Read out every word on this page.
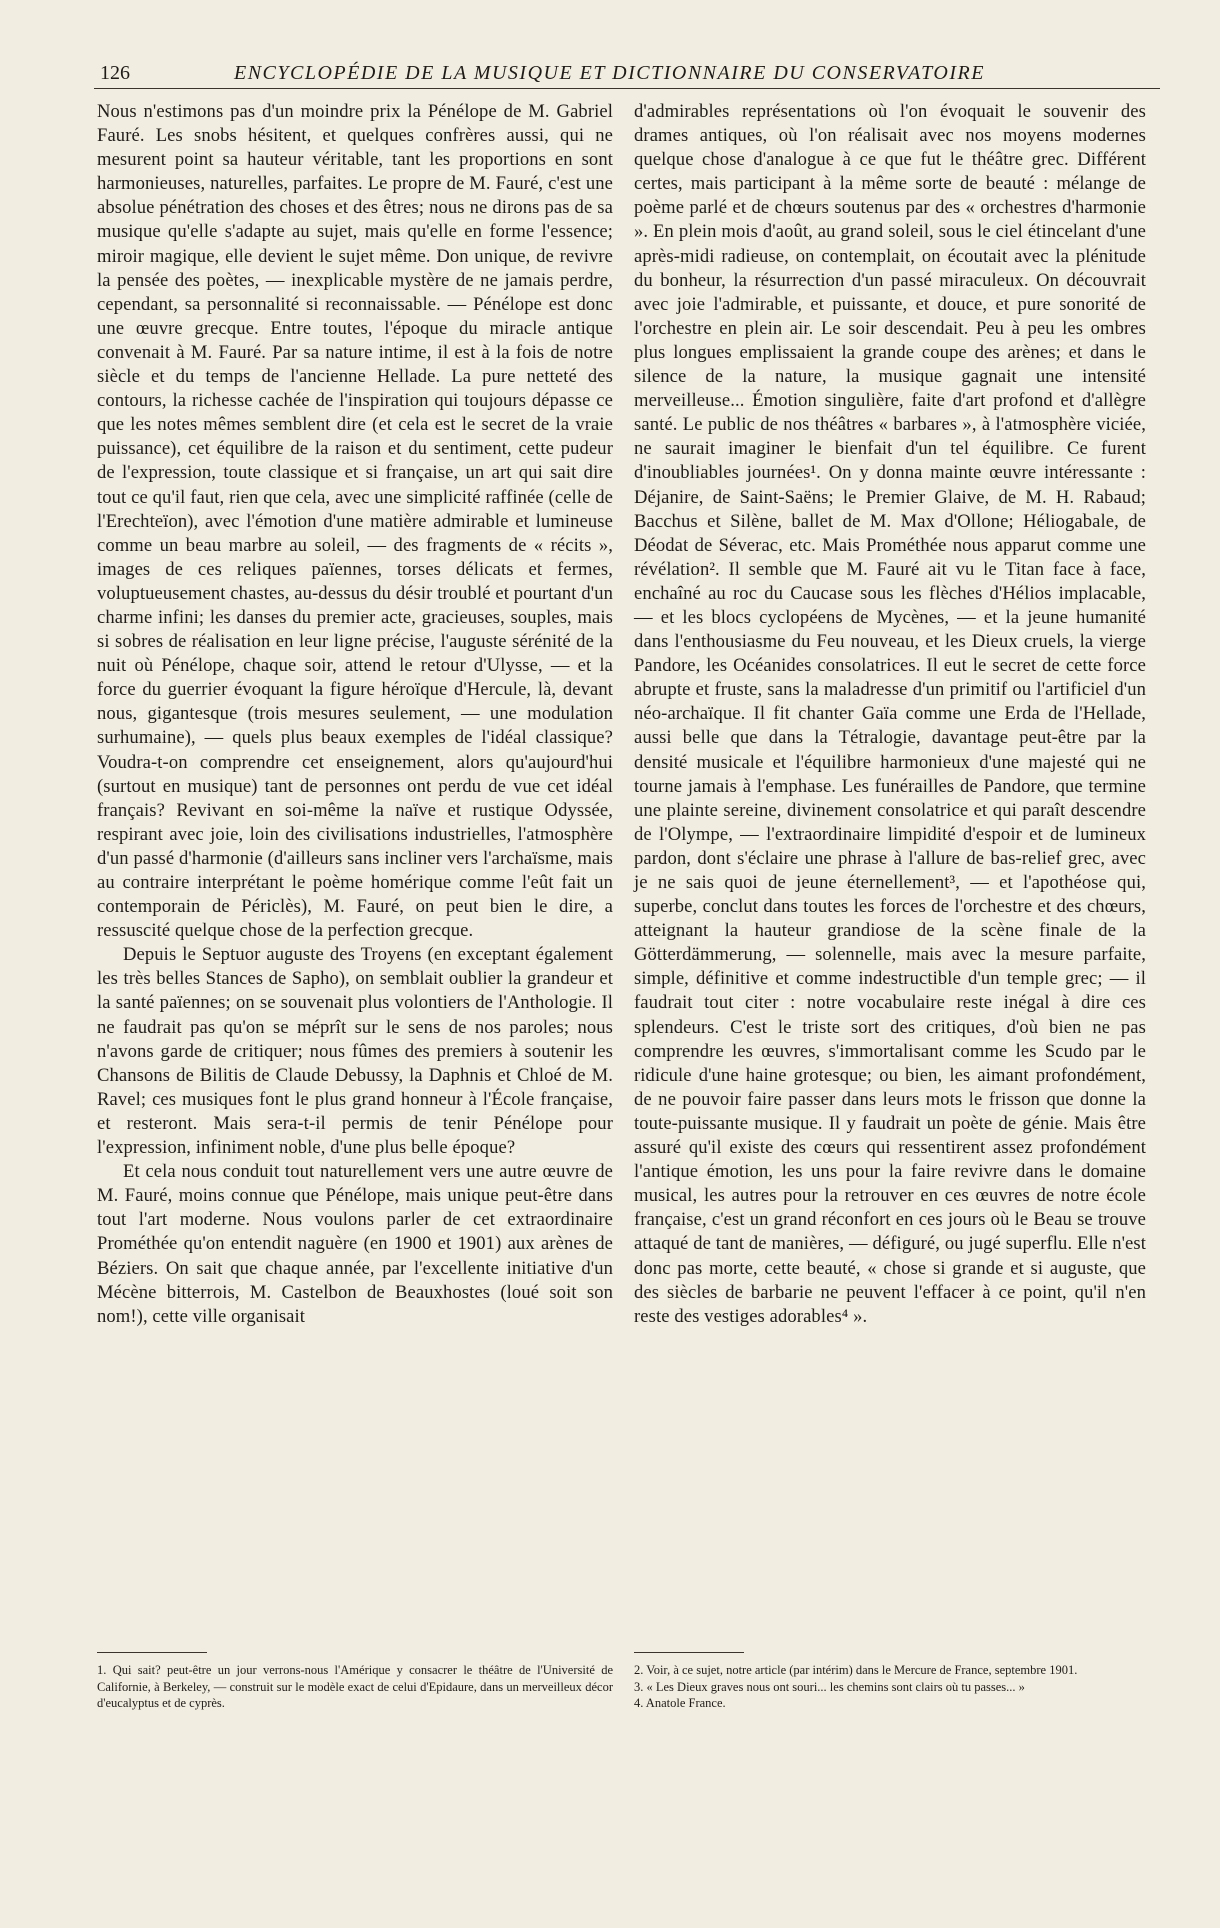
126	ENCYCLOPÉDIE DE LA MUSIQUE ET DICTIONNAIRE DU CONSERVATOIRE

Nous n'estimons pas d'un moindre prix la Pénélope de M. Gabriel Fauré. Les snobs hésitent, et quelques confrères aussi, qui ne mesurent point sa hauteur véritable, tant les proportions en sont harmonieuses, naturelles, parfaites. Le propre de M. Fauré, c'est une absolue pénétration des choses et des êtres; nous ne dirons pas de sa musique qu'elle s'adapte au sujet, mais qu'elle en forme l'essence; miroir magique, elle devient le sujet même. Don unique, de revivre la pensée des poètes, — inexplicable mystère de ne jamais perdre, cependant, sa personnalité si reconnaissable. — Pénélope est donc une œuvre grecque. Entre toutes, l'époque du miracle antique convenait à M. Fauré. Par sa nature intime, il est à la fois de notre siècle et du temps de l'ancienne Hellade. La pure netteté des contours, la richesse cachée de l'inspiration qui toujours dépasse ce que les notes mêmes semblent dire (et cela est le secret de la vraie puissance), cet équilibre de la raison et du sentiment, cette pudeur de l'expression, toute classique et si française, un art qui sait dire tout ce qu'il faut, rien que cela, avec une simplicité raffinée (celle de l'Erechteïon), avec l'émotion d'une matière admirable et lumineuse comme un beau marbre au soleil, — des fragments de « récits », images de ces reliques païennes, torses délicats et fermes, voluptueusement chastes, au-dessus du désir troublé et pourtant d'un charme infini; les danses du premier acte, gracieuses, souples, mais si sobres de réalisation en leur ligne précise, l'auguste sérénité de la nuit où Pénélope, chaque soir, attend le retour d'Ulysse, — et la force du guerrier évoquant la figure héroïque d'Hercule, là, devant nous, gigantesque (trois mesures seulement, — une modulation surhumaine), — quels plus beaux exemples de l'idéal classique? Voudra-t-on comprendre cet enseignement, alors qu'aujourd'hui (surtout en musique) tant de personnes ont perdu de vue cet idéal français? Revivant en soi-même la naïve et rustique Odyssée, respirant avec joie, loin des civilisations industrielles, l'atmosphère d'un passé d'harmonie (d'ailleurs sans incliner vers l'archaïsme, mais au contraire interprétant le poème homérique comme l'eût fait un contemporain de Périclès), M. Fauré, on peut bien le dire, a ressuscité quelque chose de la perfection grecque.

Depuis le Septuor auguste des Troyens (en exceptant également les très belles Stances de Sapho), on semblait oublier la grandeur et la santé païennes; on se souvenait plus volontiers de l'Anthologie. Il ne faudrait pas qu'on se méprît sur le sens de nos paroles; nous n'avons garde de critiquer; nous fûmes des premiers à soutenir les Chansons de Bilitis de Claude Debussy, la Daphnis et Chloé de M. Ravel; ces musiques font le plus grand honneur à l'École française, et resteront. Mais sera-t-il permis de tenir Pénélope pour l'expression, infiniment noble, d'une plus belle époque?

Et cela nous conduit tout naturellement vers une autre œuvre de M. Fauré, moins connue que Pénélope, mais unique peut-être dans tout l'art moderne. Nous voulons parler de cet extraordinaire Prométhée qu'on entendit naguère (en 1900 et 1901) aux arènes de Béziers. On sait que chaque année, par l'excellente initiative d'un Mécène bitterrois, M. Castelbon de Beauxhostes (loué soit son nom!), cette ville organisait

d'admirables représentations où l'on évoquait le souvenir des drames antiques, où l'on réalisait avec nos moyens modernes quelque chose d'analogue à ce que fut le théâtre grec. Différent certes, mais participant à la même sorte de beauté : mélange de poème parlé et de chœurs soutenus par des « orchestres d'harmonie ». En plein mois d'août, au grand soleil, sous le ciel étincelant d'une après-midi radieuse, on contemplait, on écoutait avec la plénitude du bonheur, la résurrection d'un passé miraculeux. On découvrait avec joie l'admirable, et puissante, et douce, et pure sonorité de l'orchestre en plein air. Le soir descendait. Peu à peu les ombres plus longues emplissaient la grande coupe des arènes; et dans le silence de la nature, la musique gagnait une intensité merveilleuse... Émotion singulière, faite d'art profond et d'allègre santé. Le public de nos théâtres « barbares », à l'atmosphère viciée, ne saurait imaginer le bienfait d'un tel équilibre. Ce furent d'inoubliables journées¹. On y donna mainte œuvre intéressante : Déjanire, de Saint-Saëns; le Premier Glaive, de M. H. Rabaud; Bacchus et Silène, ballet de M. Max d'Ollone; Héliogabale, de Déodat de Séverac, etc. Mais Prométhée nous apparut comme une révélation². Il semble que M. Fauré ait vu le Titan face à face, enchaîné au roc du Caucase sous les flèches d'Hélios implacable, — et les blocs cyclopéens de Mycènes, — et la jeune humanité dans l'enthousiasme du Feu nouveau, et les Dieux cruels, la vierge Pandore, les Océanides consolatrices. Il eut le secret de cette force abrupte et fruste, sans la maladresse d'un primitif ou l'artificiel d'un néo-archaïque. Il fit chanter Gaïa comme une Erda de l'Hellade, aussi belle que dans la Tétralogie, davantage peut-être par la densité musicale et l'équilibre harmonieux d'une majesté qui ne tourne jamais à l'emphase. Les funérailles de Pandore, que termine une plainte sereine, divinement consolatrice et qui paraît descendre de l'Olympe, — l'extraordinaire limpidité d'espoir et de lumineux pardon, dont s'éclaire une phrase à l'allure de bas-relief grec, avec je ne sais quoi de jeune éternellement³, — et l'apothéose qui, superbe, conclut dans toutes les forces de l'orchestre et des chœurs, atteignant la hauteur grandiose de la scène finale de la Götterdämmerung, — solennelle, mais avec la mesure parfaite, simple, définitive et comme indestructible d'un temple grec; — il faudrait tout citer : notre vocabulaire reste inégal à dire ces splendeurs. C'est le triste sort des critiques, d'où bien ne pas comprendre les œuvres, s'immortalisant comme les Scudo par le ridicule d'une haine grotesque; ou bien, les aimant profondément, de ne pouvoir faire passer dans leurs mots le frisson que donne la toute-puissante musique. Il y faudrait un poète de génie. Mais être assuré qu'il existe des cœurs qui ressentirent assez profondément l'antique émotion, les uns pour la faire revivre dans le domaine musical, les autres pour la retrouver en ces œuvres de notre école française, c'est un grand réconfort en ces jours où le Beau se trouve attaqué de tant de manières, — défiguré, ou jugé superflu. Elle n'est donc pas morte, cette beauté, « chose si grande et si auguste, que des siècles de barbarie ne peuvent l'effacer à ce point, qu'il n'en reste des vestiges adorables⁴ ».

1. Qui sait? peut-être un jour verrons-nous l'Amérique y consacrer le théâtre de l'Université de Californie, à Berkeley, — construit sur le modèle exact de celui d'Epidaure, dans un merveilleux décor d'eucalyptus et de cyprès.

2. Voir, à ce sujet, notre article (par intérim) dans le Mercure de France, septembre 1901.

3. « Les Dieux graves nous ont souri... les chemins sont clairs où tu passes... »

4. Anatole France.
